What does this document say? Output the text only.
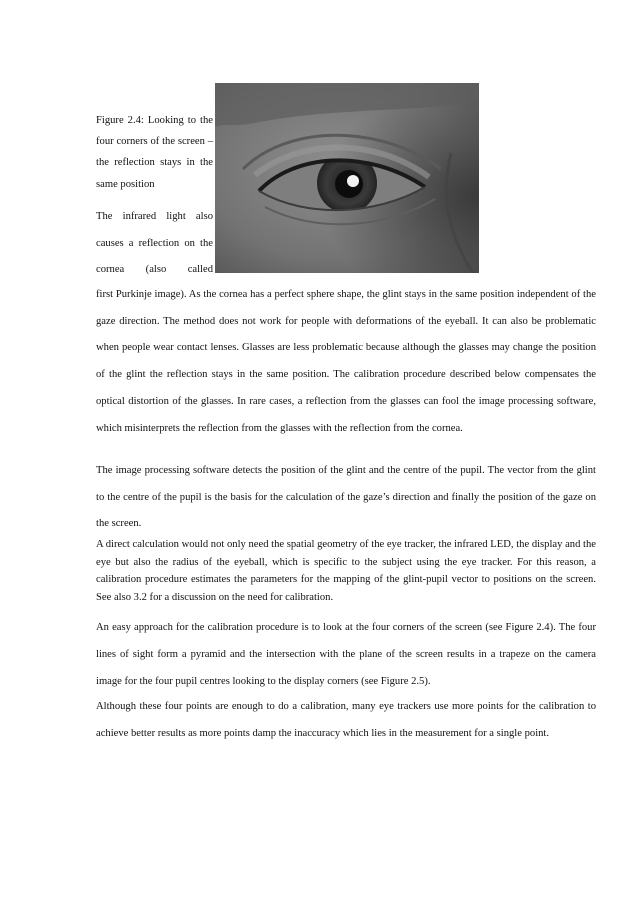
Figure 2.4: Looking to the four corners of the screen – the reflection stays in the same position
The infrared light also causes a reflection on the cornea (also called

first Purkinje image). As the cornea has a perfect sphere shape, the glint stays in the same position independent of the gaze direction. The method does not work for people with deformations of the eyeball. It can also be problematic when people wear contact lenses. Glasses are less problematic because although the glasses may change the position of the glint the reflection stays in the same position. The calibration procedure described below compensates the optical distortion of the glasses. In rare cases, a reflection from the glasses can fool the image processing software, which misinterprets the reflection from the glasses with the reflection from the cornea.

The image processing software detects the position of the glint and the centre of the pupil. The vector from the glint to the centre of the pupil is the basis for the calculation of the gaze’s direction and finally the position of the gaze on the screen.

A direct calculation would not only need the spatial geometry of the eye tracker, the infrared LED, the display and the eye but also the radius of the eyeball, which is specific to the subject using the eye tracker. For this reason, a calibration procedure estimates the parameters for the mapping of the glint-pupil vector to positions on the screen. See also 3.2 for a discussion on the need for calibration.

An easy approach for the calibration procedure is to look at the four corners of the screen (see Figure 2.4). The four lines of sight form a pyramid and the intersection with the plane of the screen results in a trapeze on the camera image for the four pupil centres looking to the display corners (see Figure 2.5).

Although these four points are enough to do a calibration, many eye trackers use more points for the calibration to achieve better results as more points damp the inaccuracy which lies in the measurement for a single point.
